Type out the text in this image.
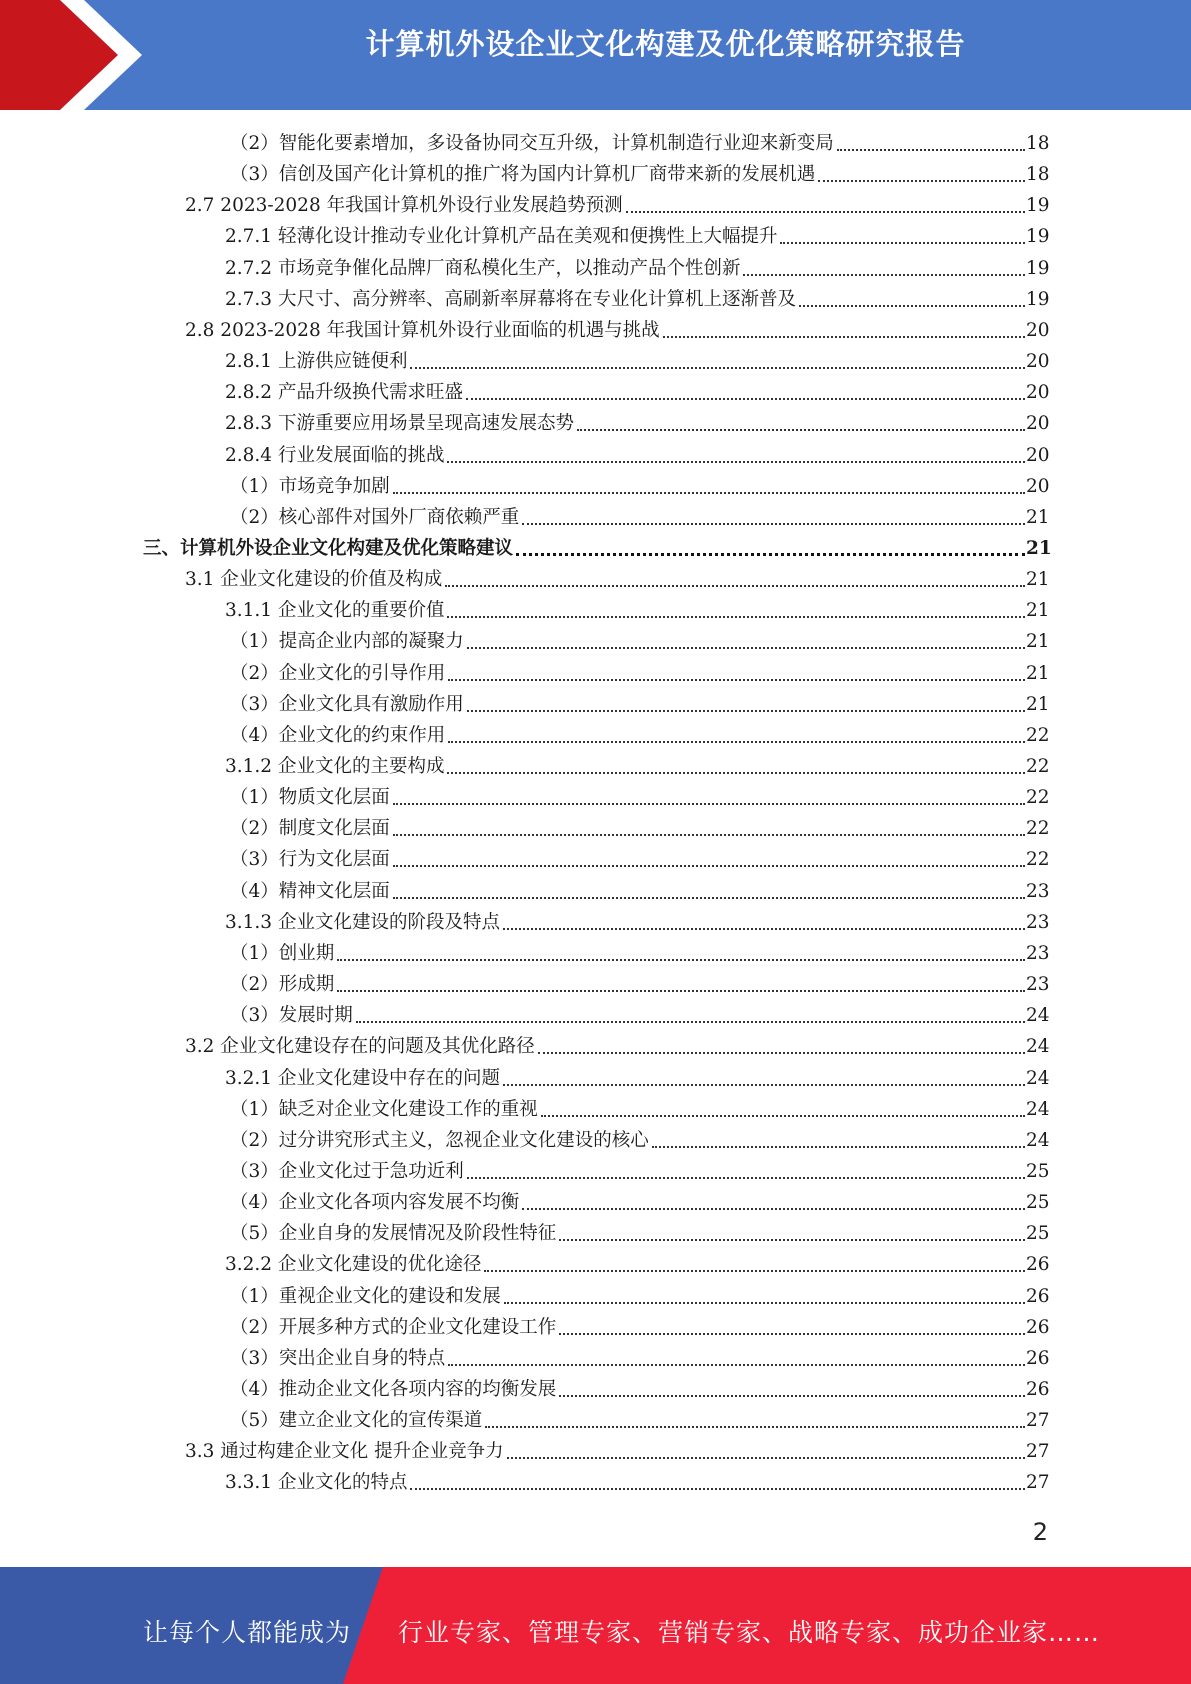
计算机外设企业文化构建及优化策略研究报告
（2）智能化要素增加，多设备协同交互升级，计算机制造行业迎来新变局	18
（3）信创及国产化计算机的推广将为国内计算机厂商带来新的发展机遇	18
2.7 2023-2028 年我国计算机外设行业发展趋势预测	19
2.7.1 轻薄化设计推动专业化计算机产品在美观和便携性上大幅提升	19
2.7.2 市场竞争催化品牌厂商私模化生产，以推动产品个性创新	19
2.7.3 大尺寸、高分辨率、高刷新率屏幕将在专业化计算机上逐渐普及	19
2.8 2023-2028 年我国计算机外设行业面临的机遇与挑战	20
2.8.1 上游供应链便利	20
2.8.2 产品升级换代需求旺盛	20
2.8.3 下游重要应用场景呈现高速发展态势	20
2.8.4 行业发展面临的挑战	20
（1）市场竞争加剧	20
（2）核心部件对国外厂商依赖严重	21
三、计算机外设企业文化构建及优化策略建议	21
3.1 企业文化建设的价值及构成	21
3.1.1 企业文化的重要价值	21
（1）提高企业内部的凝聚力	21
（2）企业文化的引导作用	21
（3）企业文化具有激励作用	21
（4）企业文化的约束作用	22
3.1.2 企业文化的主要构成	22
（1）物质文化层面	22
（2）制度文化层面	22
（3）行为文化层面	22
（4）精神文化层面	23
3.1.3 企业文化建设的阶段及特点	23
（1）创业期	23
（2）形成期	23
（3）发展时期	24
3.2 企业文化建设存在的问题及其优化路径	24
3.2.1 企业文化建设中存在的问题	24
（1）缺乏对企业文化建设工作的重视	24
（2）过分讲究形式主义，忽视企业文化建设的核心	24
（3）企业文化过于急功近利	25
（4）企业文化各项内容发展不均衡	25
（5）企业自身的发展情况及阶段性特征	25
3.2.2 企业文化建设的优化途径	26
（1）重视企业文化的建设和发展	26
（2）开展多种方式的企业文化建设工作	26
（3）突出企业自身的特点	26
（4）推动企业文化各项内容的均衡发展	26
（5）建立企业文化的宣传渠道	27
3.3 通过构建企业文化 提升企业竞争力	27
3.3.1 企业文化的特点	27
2
让每个人都能成为 行业专家、管理专家、营销专家、战略专家、成功企业家……
